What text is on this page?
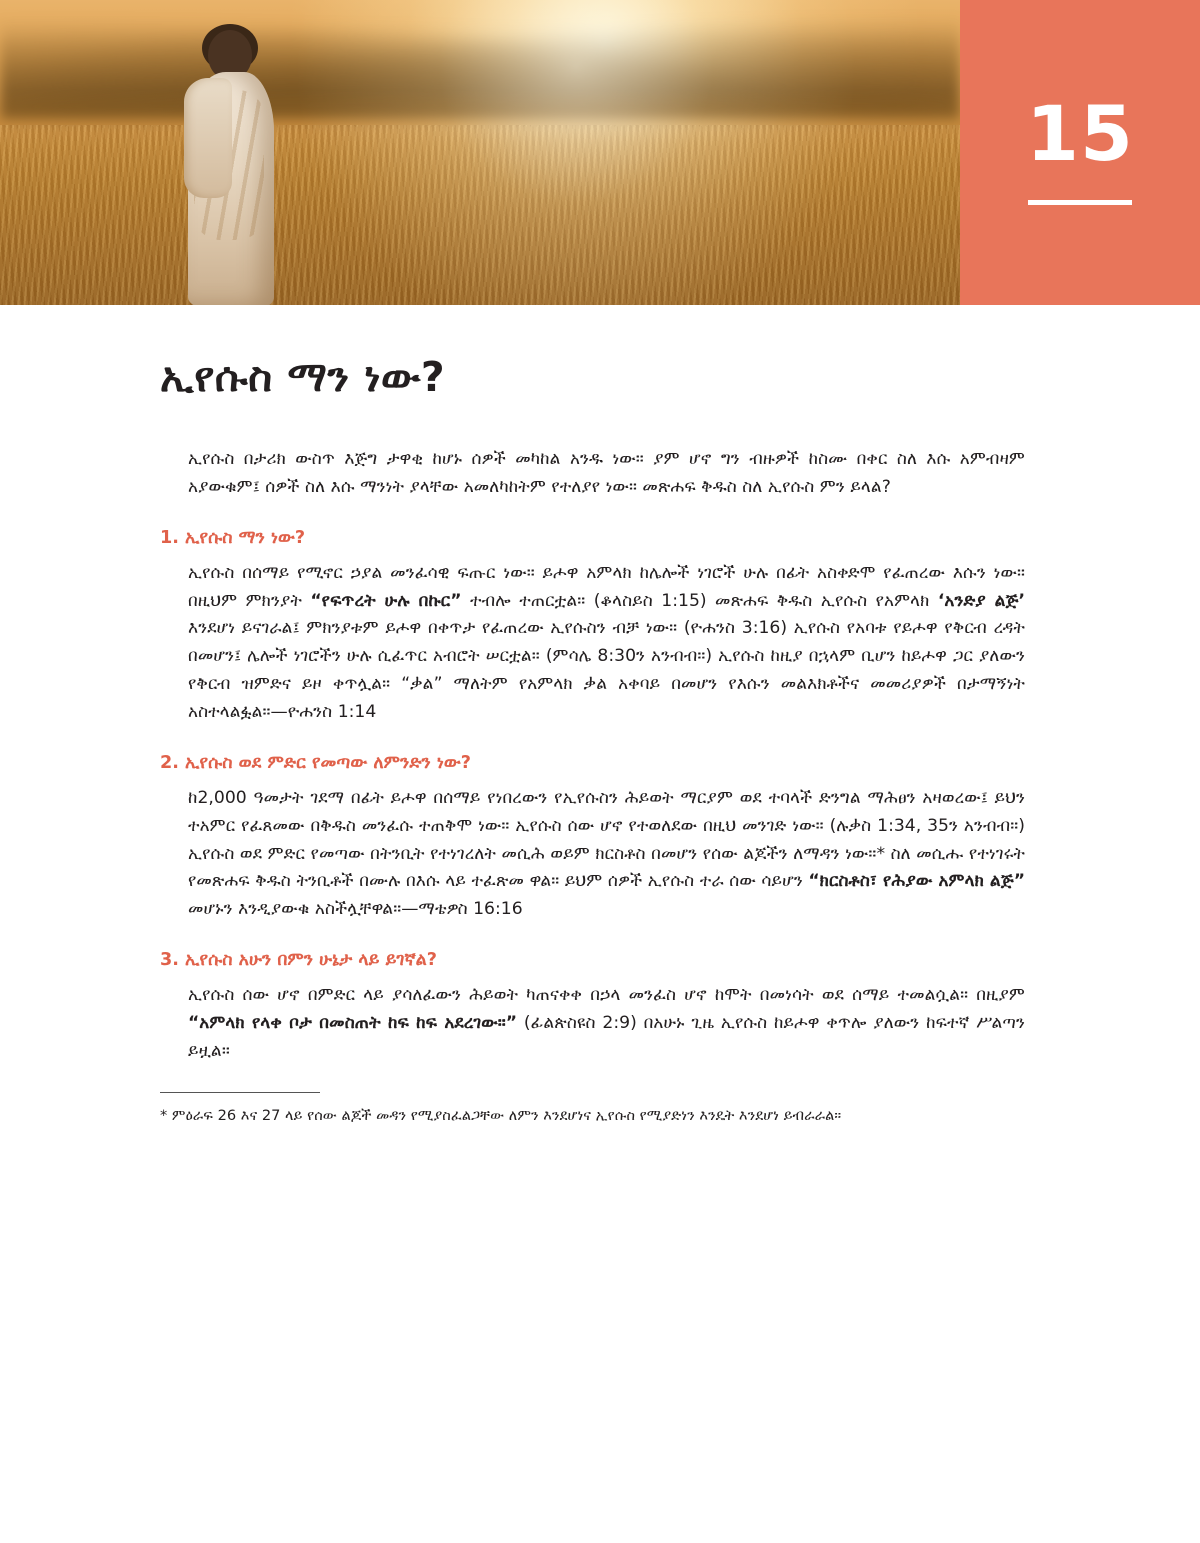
15
ኢየሱስ ማን ነው?

ኢየሱስ በታሪክ ውስጥ እጅግ ታዋቂ ከሆኑ ሰዎች መካከል አንዱ ነው። ያም ሆኖ ግን ብዙዎች ከስሙ በቀር ስለ እሱ አምብዛም አያውቁም፤ ሰዎች ስለ እሱ ማንነት ያላቸው አመለካከትም የተለያየ ነው። መጽሐፍ ቅዱስ ስለ ኢየሱስ ምን ይላል?

1. ኢየሱስ ማን ነው?

ኢየሱስ በሰማይ የሚኖር ኃያል መንፈሳዊ ፍጡር ነው። ይሖዋ አምላክ ከሌሎች ነገሮች ሁሉ በፊት አስቀድሞ የፈጠረው እሱን ነው። በዚህም ምክንያት “የፍጥረት ሁሉ በኩር” ተብሎ ተጠርቷል። (ቆላስይስ 1:15) መጽሐፍ ቅዱስ ኢየሱስ የአምላክ ‘አንድያ ልጅ’ እንደሆነ ይናገራል፤ ምክንያቱም ይሖዋ በቀጥታ የፈጠረው ኢየሱስን ብቻ ነው። (ዮሐንስ 3:16) ኢየሱስ የአባቱ የይሖዋ የቅርብ ረዳት በመሆን፤ ሌሎች ነገሮችን ሁሉ ሲፈጥር አብሮት ሠርቷል። (ምሳሌ 8:30ን አንብብ።) ኢየሱስ ከዚያ በኋላም ቢሆን ከይሖዋ ጋር ያለውን የቅርብ ዝምድና ይዞ ቀጥሏል። “ቃል” ማለትም የአምላክ ቃል አቀባይ በመሆን የእሱን መልእክቶችና መመሪያዎች በታማኝነት አስተላልፏል።—ዮሐንስ 1:14

2. ኢየሱስ ወደ ምድር የመጣው ለምንድን ነው?

ከ2,000 ዓመታት ገደማ በፊት ይሖዋ በሰማይ የነበረውን የኢየሱስን ሕይወት ማርያም ወደ ተባላች ድንግል ማሕፀን አዛወረው፤ ይህን ተአምር የፈጸመው በቅዱስ መንፈሱ ተጠቅሞ ነው። ኢየሱስ ሰው ሆኖ የተወለደው በዚህ መንገድ ነው። (ሉቃስ 1:34, 35ን አንብብ።) ኢየሱስ ወደ ምድር የመጣው በትንቢት የተነገረለት መሲሕ ወይም ክርስቶስ በመሆን የሰው ልጆችን ለማዳን ነው።* ስለ መሲሑ የተነገሩት የመጽሐፍ ቅዱስ ትንቢቶች በሙሉ በእሱ ላይ ተፈጽመ ዋል። ይህም ሰዎች ኢየሱስ ተራ ሰው ሳይሆን “ክርስቶስ፣ የሕያው አምላክ ልጅ” መሆኑን እንዲያውቁ አስችሏቸዋል።—ማቴዎስ 16:16

3. ኢየሱስ አሁን በምን ሁኔታ ላይ ይገኛል?

ኢየሱስ ሰው ሆኖ በምድር ላይ ያሳለፈውን ሕይወት ካጠናቀቀ በኃላ መንፈስ ሆኖ ከሞት በመነሳት ወደ ሰማይ ተመልሷል። በዚያም “አምላክ የላቀ ቦታ በመስጠት ከፍ ከፍ አደረገው።” (ፊልጵስዩስ 2:9) በአሁኑ ጊዜ ኢየሱስ ከይሖዋ ቀጥሎ ያለውን ከፍተኛ ሥልጣን ይዟል።

* ምዕራፍ 26 እና 27 ላይ የሰው ልጆች መዳን የሚያስፈልጋቸው ለምን እንደሆነና ኢየሱስ የሚያድነን እንዴት እንደሆነ ይብራራል።
